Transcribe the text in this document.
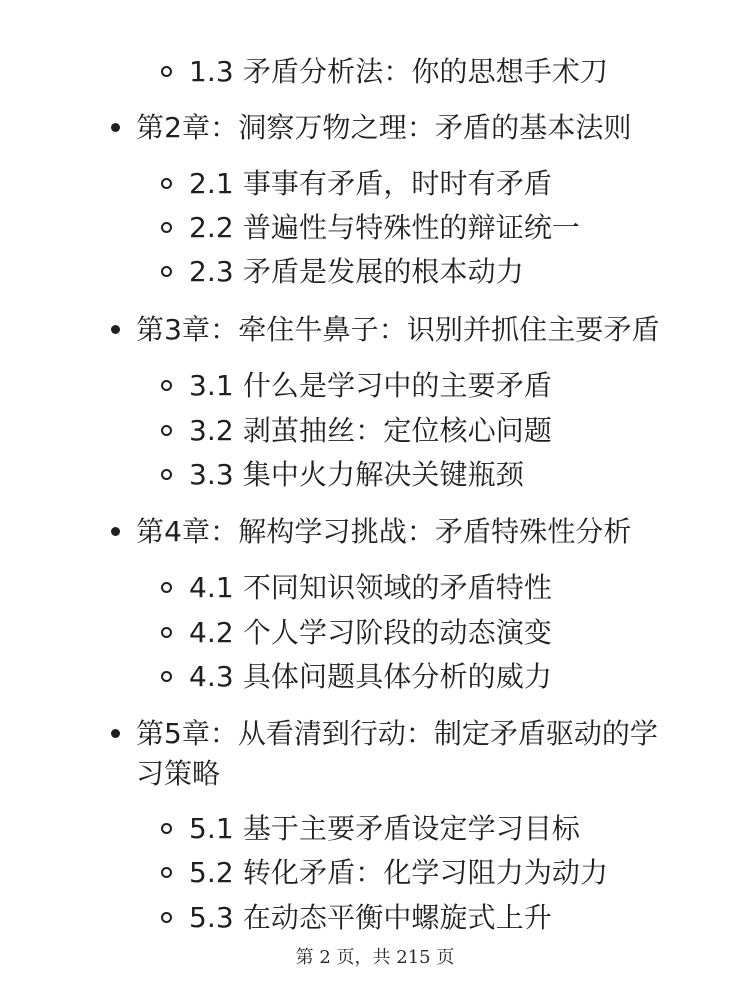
1.3 矛盾分析法：你的思想手术刀
第2章：洞察万物之理：矛盾的基本法则
2.1 事事有矛盾，时时有矛盾
2.2 普遍性与特殊性的辩证统一
2.3 矛盾是发展的根本动力
第3章：牵住牛鼻子：识别并抓住主要矛盾
3.1 什么是学习中的主要矛盾
3.2 剥茧抽丝：定位核心问题
3.3 集中火力解决关键瓶颈
第4章：解构学习挑战：矛盾特殊性分析
4.1 不同知识领域的矛盾特性
4.2 个人学习阶段的动态演变
4.3 具体问题具体分析的威力
第5章：从看清到行动：制定矛盾驱动的学习策略
5.1 基于主要矛盾设定学习目标
5.2 转化矛盾：化学习阻力为动力
5.3 在动态平衡中螺旋式上升
第 2 页，共 215 页
